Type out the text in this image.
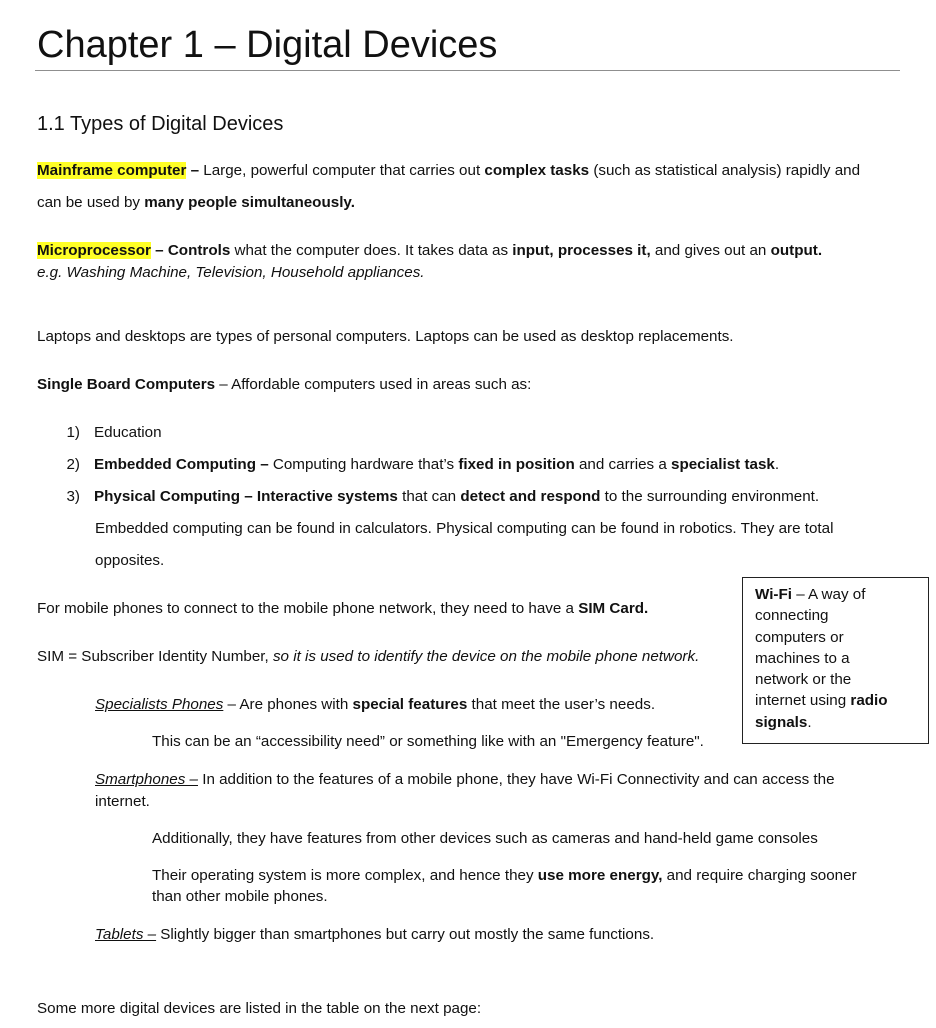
Chapter 1 – Digital Devices
1.1 Types of Digital Devices
Mainframe computer – Large, powerful computer that carries out complex tasks (such as statistical analysis) rapidly and
can be used by many people simultaneously.
Microprocessor – Controls what the computer does. It takes data as input, processes it, and gives out an output.
e.g. Washing Machine, Television, Household appliances.
Laptops and desktops are types of personal computers. Laptops can be used as desktop replacements.
Single Board Computers – Affordable computers used in areas such as:
1) Education
2) Embedded Computing – Computing hardware that’s fixed in position and carries a specialist task.
3) Physical Computing – Interactive systems that can detect and respond to the surrounding environment.
Embedded computing can be found in calculators. Physical computing can be found in robotics. They are total
opposites.
For mobile phones to connect to the mobile phone network, they need to have a SIM Card.
SIM = Subscriber Identity Number, so it is used to identify the device on the mobile phone network.
Specialists Phones – Are phones with special features that meet the user’s needs.
This can be an “accessibility need” or something like with an "Emergency feature".
Smartphones – In addition to the features of a mobile phone, they have Wi-Fi Connectivity and can access the
internet.
Additionally, they have features from other devices such as cameras and hand-held game consoles
Their operating system is more complex, and hence they use more energy, and require charging sooner
than other mobile phones.
Tablets – Slightly bigger than smartphones but carry out mostly the same functions.
Some more digital devices are listed in the table on the next page:
Wi-Fi – A way of
connecting
computers or
machines to a
network or the
internet using radio
signals.
